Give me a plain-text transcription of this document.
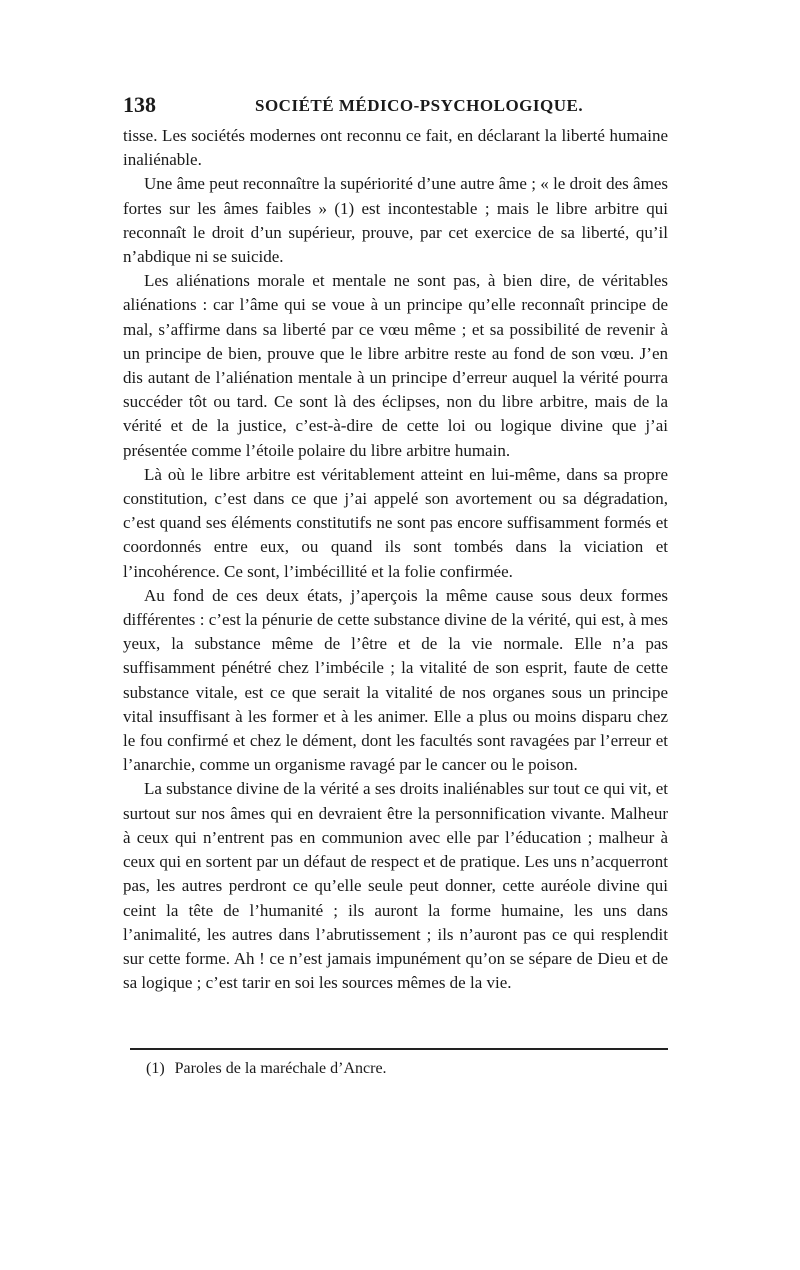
138	SOCIÉTÉ MÉDICO-PSYCHOLOGIQUE.

tisse. Les sociétés modernes ont reconnu ce fait, en déclarant la liberté humaine inaliénable.

Une âme peut reconnaître la supériorité d’une autre âme ; « le droit des âmes fortes sur les âmes faibles » (1) est incontestable ; mais le libre arbitre qui reconnaît le droit d’un supérieur, prouve, par cet exercice de sa liberté, qu’il n’abdique ni se suicide.

Les aliénations morale et mentale ne sont pas, à bien dire, de véritables aliénations : car l’âme qui se voue à un principe qu’elle reconnaît principe de mal, s’affirme dans sa liberté par ce vœu même ; et sa possibilité de revenir à un principe de bien, prouve que le libre arbitre reste au fond de son vœu. J’en dis autant de l’aliénation mentale à un principe d’erreur auquel la vérité pourra succéder tôt ou tard. Ce sont là des éclipses, non du libre arbitre, mais de la vérité et de la justice, c’est-à-dire de cette loi ou logique divine que j’ai présentée comme l’étoile polaire du libre arbitre humain.

Là où le libre arbitre est véritablement atteint en lui-même, dans sa propre constitution, c’est dans ce que j’ai appelé son avortement ou sa dégradation, c’est quand ses éléments constitutifs ne sont pas encore suffisamment formés et coordonnés entre eux, ou quand ils sont tombés dans la viciation et l’incohérence. Ce sont, l’imbécillité et la folie confirmée.

Au fond de ces deux états, j’aperçois la même cause sous deux formes différentes : c’est la pénurie de cette substance divine de la vérité, qui est, à mes yeux, la substance même de l’être et de la vie normale. Elle n’a pas suffisamment pénétré chez l’imbécile ; la vitalité de son esprit, faute de cette substance vitale, est ce que serait la vitalité de nos organes sous un principe vital insuffisant à les former et à les animer. Elle a plus ou moins disparu chez le fou confirmé et chez le dément, dont les facultés sont ravagées par l’erreur et l’anarchie, comme un organisme ravagé par le cancer ou le poison.

La substance divine de la vérité a ses droits inaliénables sur tout ce qui vit, et surtout sur nos âmes qui en devraient être la personnification vivante. Malheur à ceux qui n’entrent pas en communion avec elle par l’éducation ; malheur à ceux qui en sortent par un défaut de respect et de pratique. Les uns n’acquerront pas, les autres perdront ce qu’elle seule peut donner, cette auréole divine qui ceint la tête de l’humanité ; ils auront la forme humaine, les uns dans l’animalité, les autres dans l’abrutissement ; ils n’auront pas ce qui resplendit sur cette forme. Ah ! ce n’est jamais impunément qu’on se sépare de Dieu et de sa logique ; c’est tarir en soi les sources mêmes de la vie.

(1) Paroles de la maréchale d’Ancre.
